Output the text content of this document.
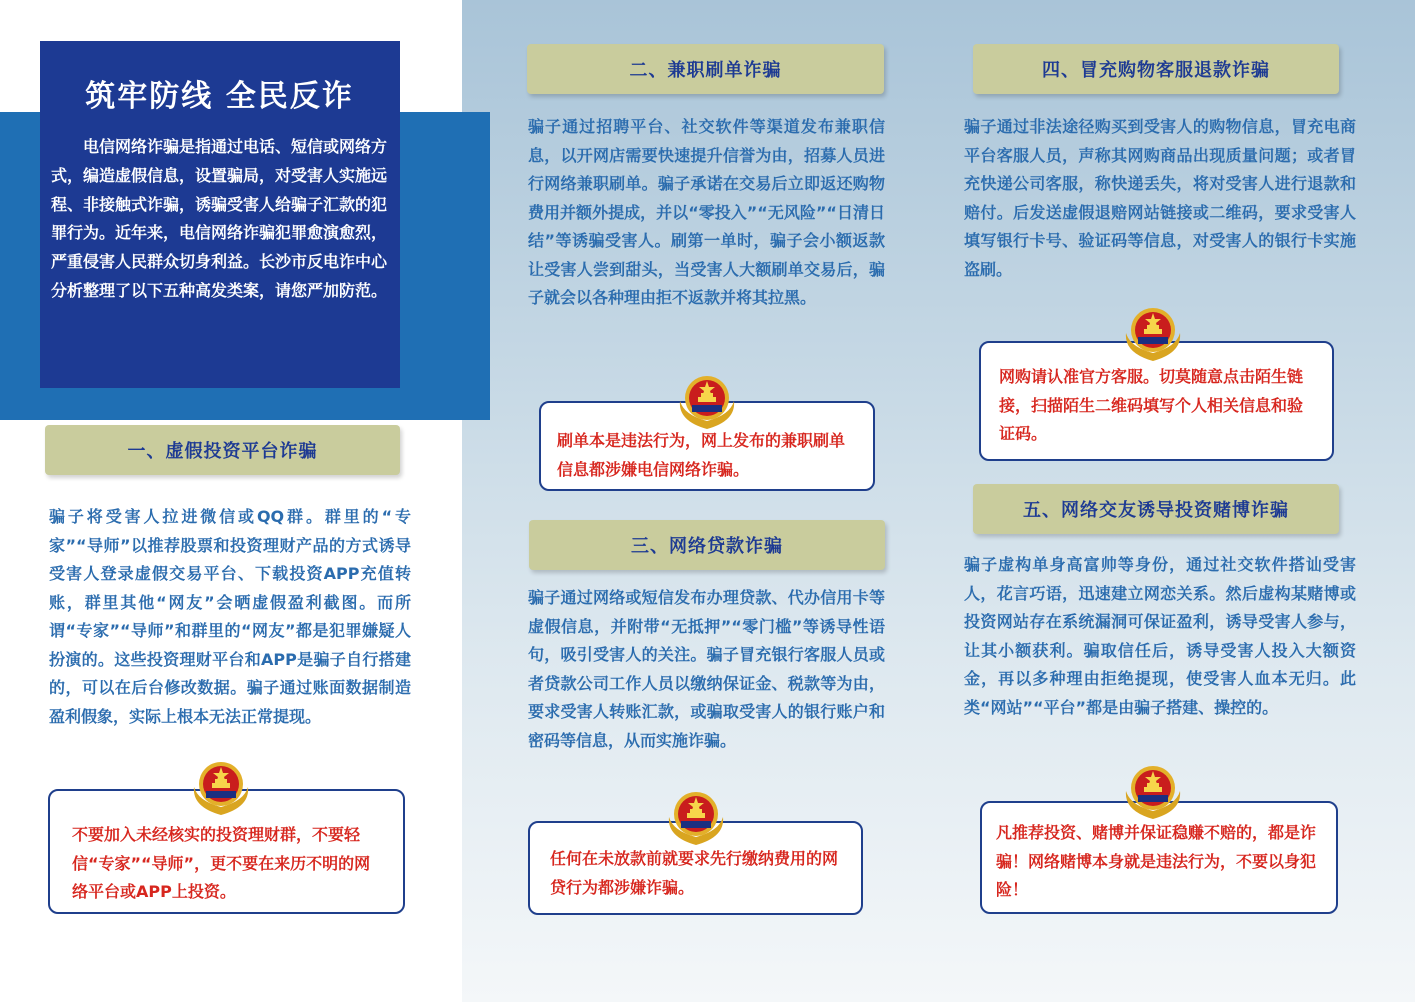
筑牢防线 全民反诈

电信网络诈骗是指通过电话、短信或网络方式，编造虚假信息，设置骗局，对受害人实施远程、非接触式诈骗，诱骗受害人给骗子汇款的犯罪行为。近年来，电信网络诈骗犯罪愈演愈烈，严重侵害人民群众切身利益。长沙市反电诈中心分析整理了以下五种高发类案，请您严加防范。

一、虚假投资平台诈骗

骗子将受害人拉进微信或QQ群。群里的“专家”“导师”以推荐股票和投资理财产品的方式诱导受害人登录虚假交易平台、下载投资APP充值转账，群里其他“网友”会晒虚假盈利截图。而所谓“专家”“导师”和群里的“网友”都是犯罪嫌疑人扮演的。这些投资理财平台和APP是骗子自行搭建的，可以在后台修改数据。骗子通过账面数据制造盈利假象，实际上根本无法正常提现。

不要加入未经核实的投资理财群，不要轻信“专家”“导师”，更不要在来历不明的网络平台或APP上投资。

二、兼职刷单诈骗

骗子通过招聘平台、社交软件等渠道发布兼职信息，以开网店需要快速提升信誉为由，招募人员进行网络兼职刷单。骗子承诺在交易后立即返还购物费用并额外提成，并以“零投入”“无风险”“日清日结”等诱骗受害人。刷第一单时，骗子会小额返款让受害人尝到甜头，当受害人大额刷单交易后，骗子就会以各种理由拒不返款并将其拉黑。

刷单本是违法行为，网上发布的兼职刷单信息都涉嫌电信网络诈骗。

三、网络贷款诈骗

骗子通过网络或短信发布办理贷款、代办信用卡等虚假信息，并附带“无抵押”“零门槛”等诱导性语句，吸引受害人的关注。骗子冒充银行客服人员或者贷款公司工作人员以缴纳保证金、税款等为由，要求受害人转账汇款，或骗取受害人的银行账户和密码等信息，从而实施诈骗。

任何在未放款前就要求先行缴纳费用的网贷行为都涉嫌诈骗。

四、冒充购物客服退款诈骗

骗子通过非法途径购买到受害人的购物信息，冒充电商平台客服人员，声称其网购商品出现质量问题；或者冒充快递公司客服，称快递丢失，将对受害人进行退款和赔付。后发送虚假退赔网站链接或二维码，要求受害人填写银行卡号、验证码等信息，对受害人的银行卡实施盗刷。

网购请认准官方客服。切莫随意点击陌生链接，扫描陌生二维码填写个人相关信息和验证码。

五、网络交友诱导投资赌博诈骗

骗子虚构单身高富帅等身份，通过社交软件搭讪受害人，花言巧语，迅速建立网恋关系。然后虚构某赌博或投资网站存在系统漏洞可保证盈利，诱导受害人参与，让其小额获利。骗取信任后，诱导受害人投入大额资金，再以多种理由拒绝提现，使受害人血本无归。此类“网站”“平台”都是由骗子搭建、操控的。

凡推荐投资、赌博并保证稳赚不赔的，都是诈骗！网络赌博本身就是违法行为，不要以身犯险！
